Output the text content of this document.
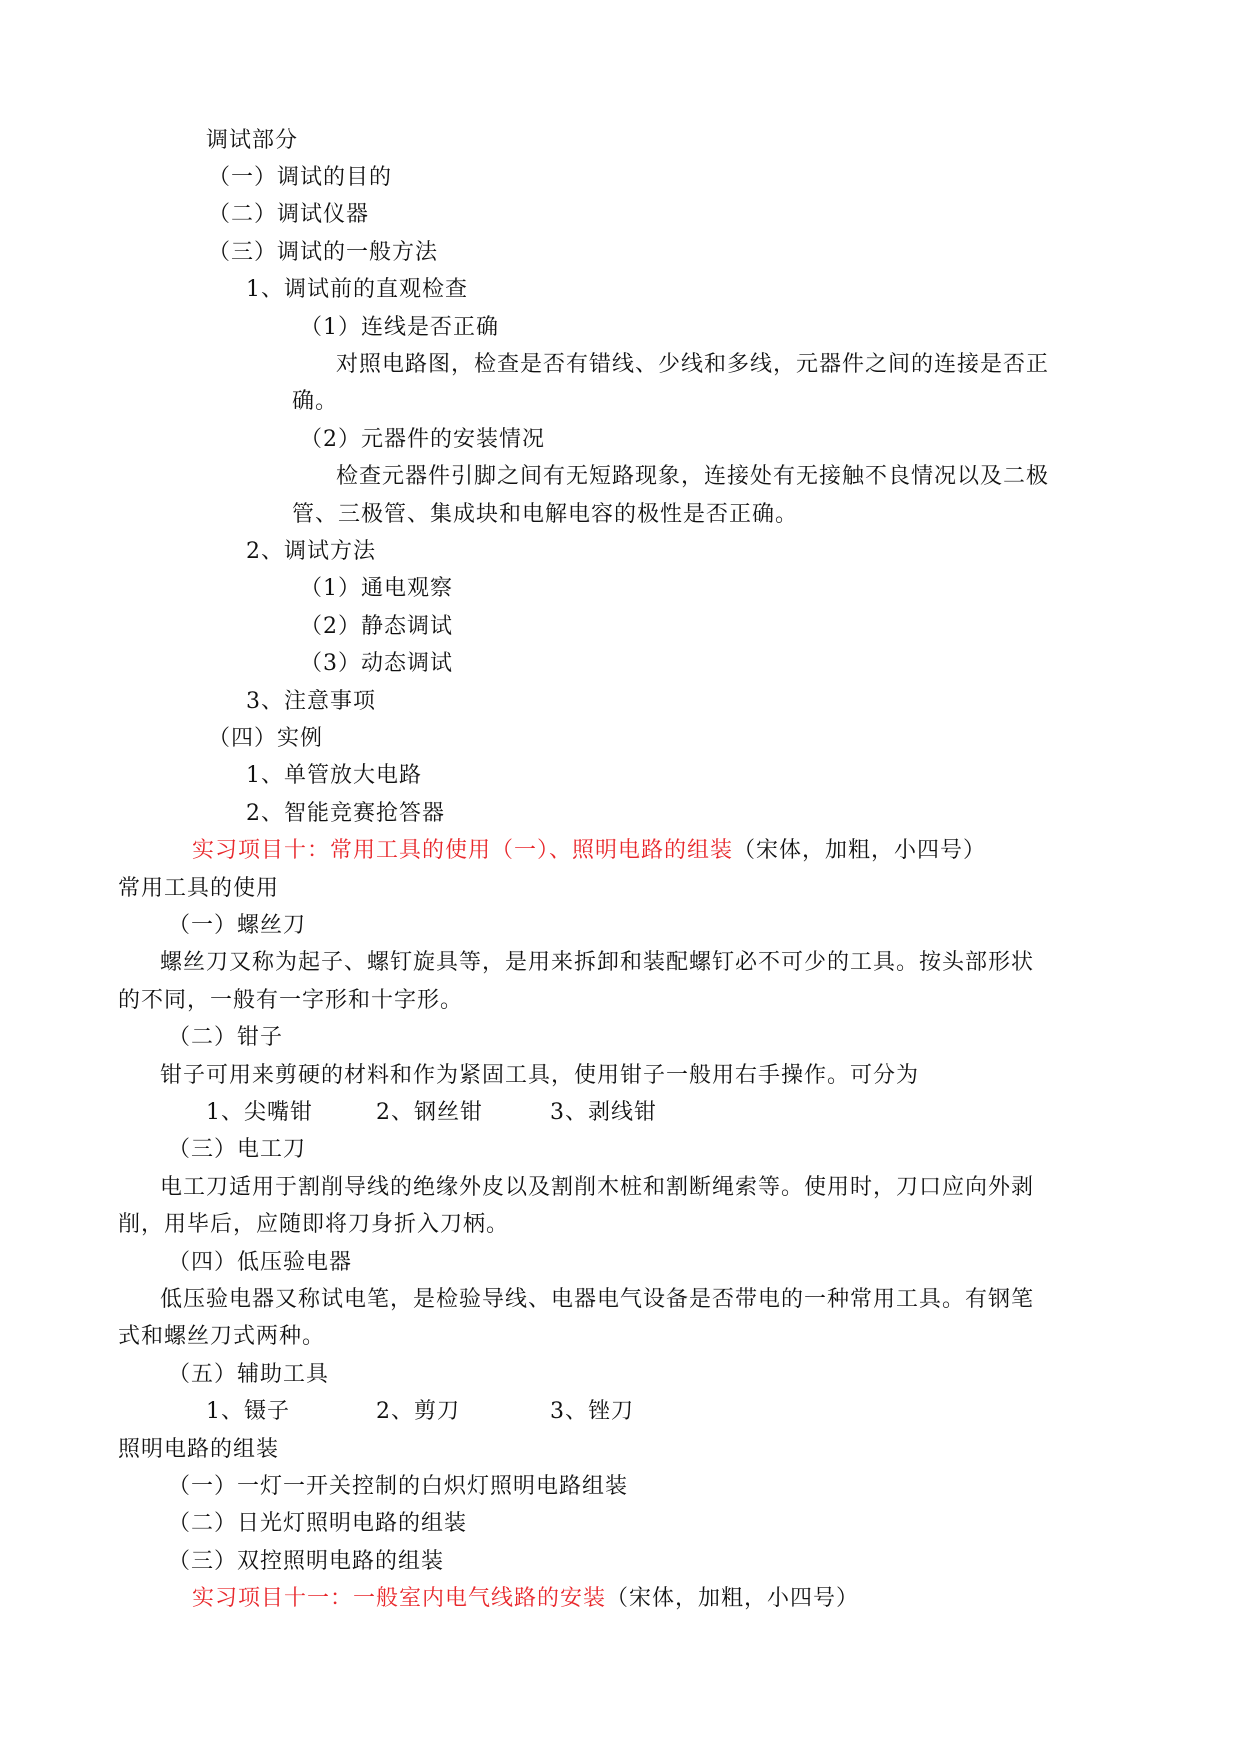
调试部分
（一）调试的目的
（二）调试仪器
（三）调试的一般方法
1、调试前的直观检查
（1）连线是否正确
对照电路图，检查是否有错线、少线和多线，元器件之间的连接是否正
确。
（2）元器件的安装情况
检查元器件引脚之间有无短路现象，连接处有无接触不良情况以及二极
管、三极管、集成块和电解电容的极性是否正确。
2、调试方法
（1）通电观察
（2）静态调试
（3）动态调试
3、注意事项
（四）实例
1、单管放大电路
2、智能竞赛抢答器
实习项目十：常用工具的使用（一）、照明电路的组装（宋体，加粗，小四号）
常用工具的使用
（一）螺丝刀
螺丝刀又称为起子、螺钉旋具等，是用来拆卸和装配螺钉必不可少的工具。按头部形状
的不同，一般有一字形和十字形。
（二）钳子
钳子可用来剪硬的材料和作为紧固工具，使用钳子一般用右手操作。可分为
1、尖嘴钳	2、钢丝钳	3、剥线钳
（三）电工刀
电工刀适用于割削导线的绝缘外皮以及割削木桩和割断绳索等。使用时，刀口应向外剥
削，用毕后，应随即将刀身折入刀柄。
（四）低压验电器
低压验电器又称试电笔，是检验导线、电器电气设备是否带电的一种常用工具。有钢笔
式和螺丝刀式两种。
（五）辅助工具
1、镊子	2、剪刀	3、锉刀
照明电路的组装
（一）一灯一开关控制的白炽灯照明电路组装
（二）日光灯照明电路的组装
（三）双控照明电路的组装
实习项目十一：一般室内电气线路的安装（宋体，加粗，小四号）
